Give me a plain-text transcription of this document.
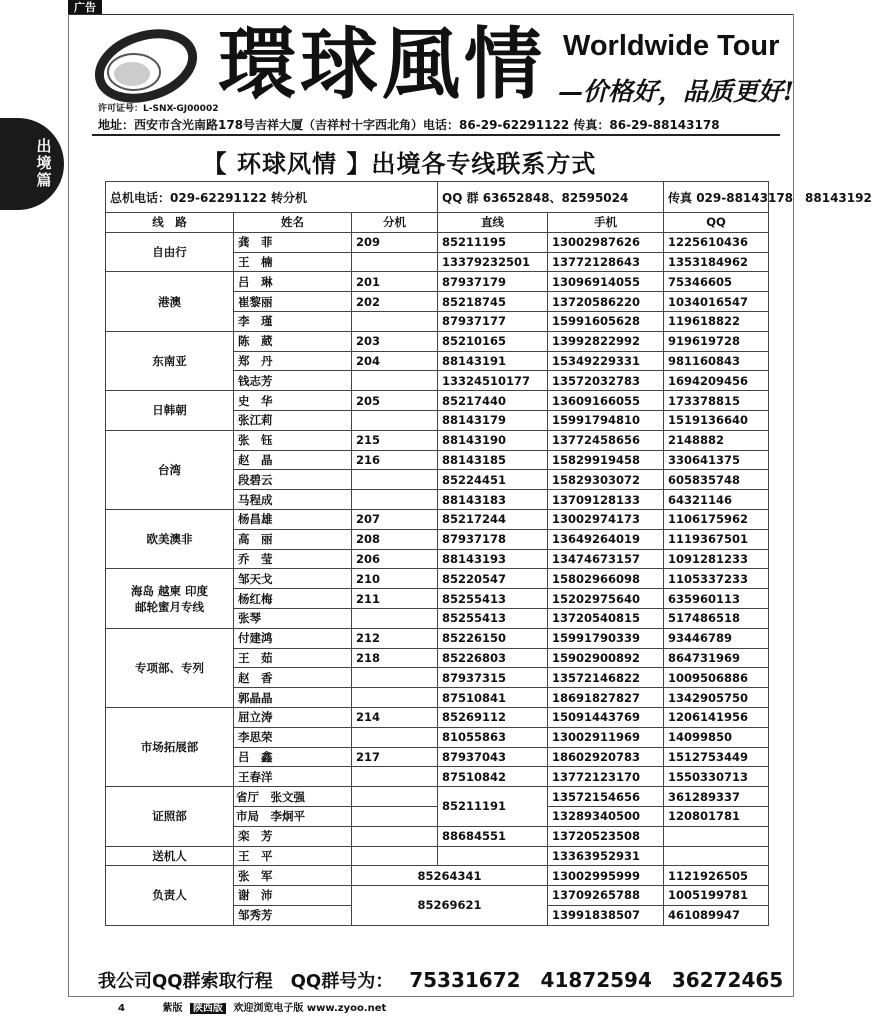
广告
出境篇
環球風情 Worldwide Tour
—价格好，品质更好!
许可证号：L-SNX-GJ00002
地址：西安市含光南路178号吉祥大厦（吉祥村十字西北角）电话：86-29-62291122 传真：86-29-88143178
【 环球风情 】出境各专线联系方式
总机电话：029-62291122 转分机			QQ 群 63652848、82595024		传真 029-88143178　88143192
线　路	姓名	分机	直线	手机	QQ
自由行	龚　菲	209	85211195	13002987626	1225610436
	王　楠		13379232501	13772128643	1353184962
港澳	吕　琳	201	87937179	13096914055	75346605
	崔黎丽	202	85218745	13720586220	1034016547
	李　瑾		87937177	15991605628	119618822
东南亚	陈　葳	203	85210165	13992822992	919619728
	郑　丹	204	88143191	15349229331	981160843
	钱志芳		13324510177	13572032783	1694209456
日韩朝	史　华	205	85217440	13609166055	173378815
	张江莉		88143179	15991794810	1519136640
台湾	张　钰	215	88143190	13772458656	2148882
	赵　晶	216	88143185	15829919458	330641375
	段碧云		85224451	15829303072	605835748
	马程成		88143183	13709128133	64321146
欧美澳非	杨昌雄	207	85217244	13002974173	1106175962
	高　丽	208	87937178	13649264019	1119367501
	乔　莹	206	88143193	13474673157	1091281233
海岛 越柬 印度
邮轮蜜月专线	邹天戈	210	85220547	15802966098	1105337233
	杨红梅	211	85255413	15202975640	635960113
	张琴		85255413	13720540815	517486518
专项部、专列	付建鸿	212	85226150	15991790339	93446789
	王　茹	218	85226803	15902900892	864731969
	赵　香		87937315	13572146822	1009506886
	郭晶晶		87510841	18691827827	1342905750
市场拓展部	屈立涛	214	85269112	15091443769	1206141956
	李思荣		81055863	13002911969	14099850
	吕　鑫	217	87937043	18602920783	1512753449
	王春洋		87510842	13772123170	1550330713
证照部	省厅　张文强		85211191	13572154656	361289337
	市局　李炯平			13289340500	120801781
	栾　芳		88684551	13720523508	
送机人	王　平			13363952931	
负责人	张　军	85264341		13002995999	1121926505
	谢　沛	85269621		13709265788	1005199781
	邹秀芳			13991838507	461089947
我公司QQ群索取行程　QQ群号为： 75331672　41872594　36272465
4	紫版 陕西版 欢迎浏览电子版 www.zyoo.net
